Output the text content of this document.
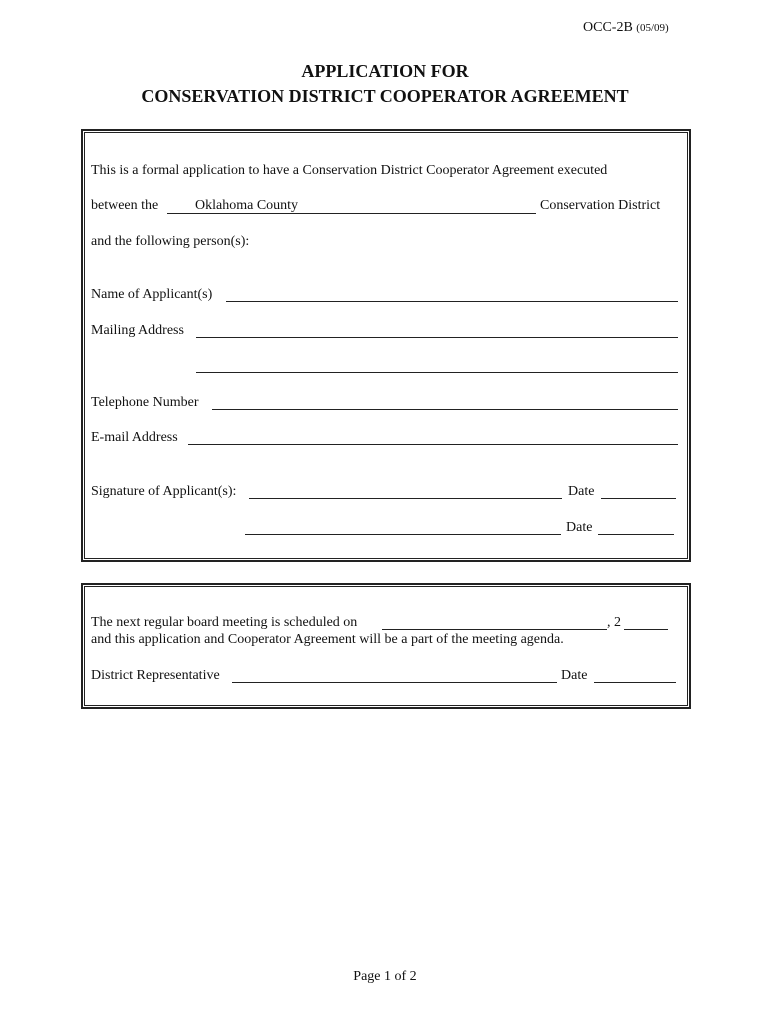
OCC-2B (05/09)
APPLICATION FOR
CONSERVATION DISTRICT COOPERATOR AGREEMENT
This is a formal application to have a Conservation District Cooperator Agreement executed
between the	Oklahoma County	Conservation District
and the following person(s):
Name of Applicant(s)
Mailing Address
Telephone Number
E-mail Address
Signature of Applicant(s):	Date
Date
The next regular board meeting is scheduled on	, 2
and this application and Cooperator Agreement will be a part of the meeting agenda.
District Representative	Date
Page 1 of 2
